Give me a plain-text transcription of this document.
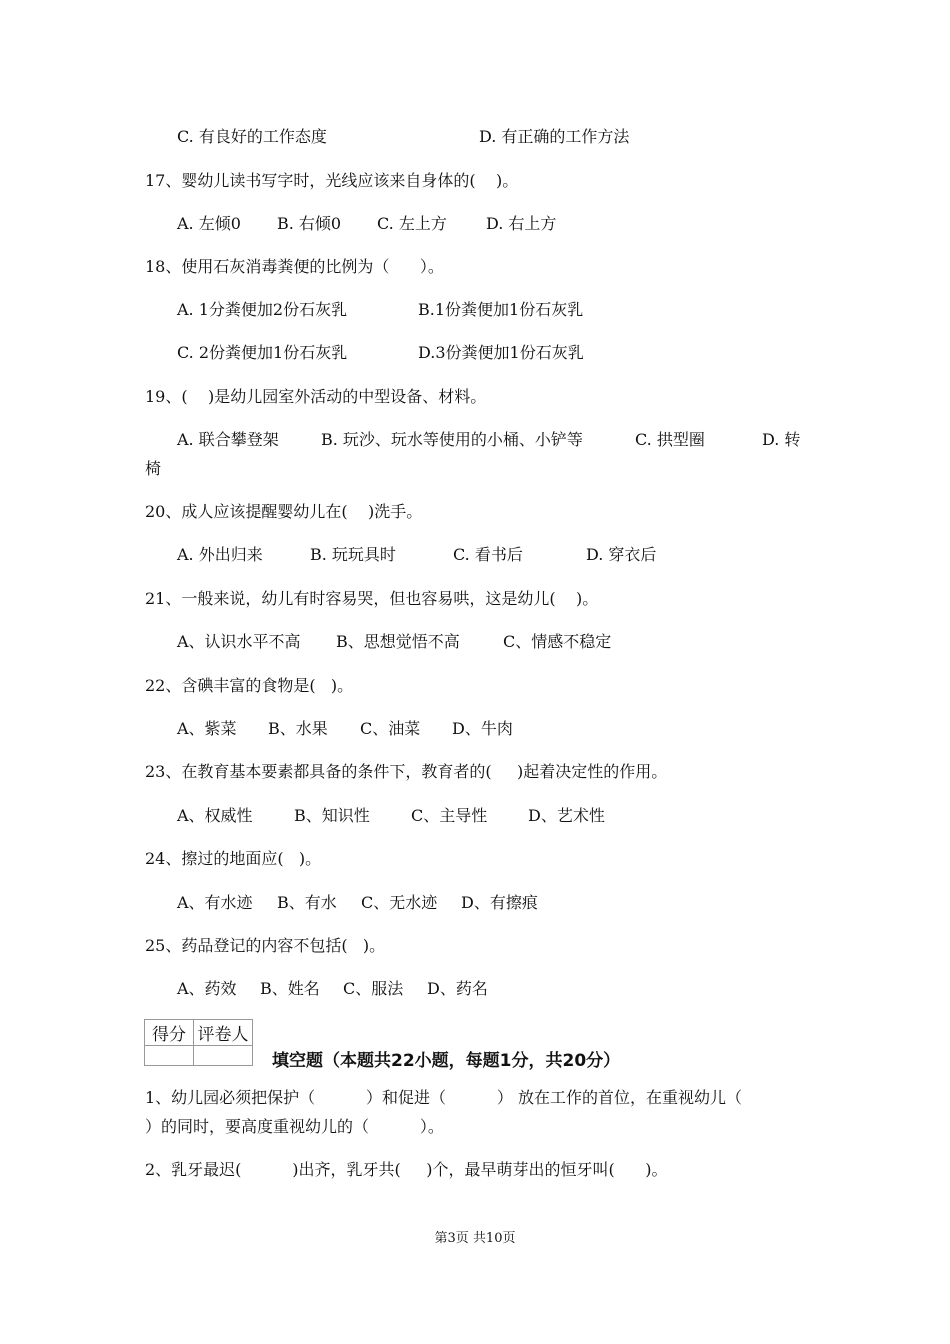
C. 有良好的工作态度	D. 有正确的工作方法
17、婴幼儿读书写字时，光线应该来自身体的(    )。
A. 左倾0 B. 右倾0 C. 左上方 D. 右上方
18、使用石灰消毒粪便的比例为（      ）。
A. 1分粪便加2份石灰乳	B.1份粪便加1份石灰乳
C. 2份粪便加1份石灰乳	D.3份粪便加1份石灰乳
19、(    )是幼儿园室外活动的中型设备、材料。
A. 联合攀登架	B. 玩沙、玩水等使用的小桶、小铲等	C. 拱型圈	D. 转
椅
20、成人应该提醒婴幼儿在(    )洗手。
A. 外出归来	B. 玩玩具时	C. 看书后	D. 穿衣后
21、一般来说，幼儿有时容易哭，但也容易哄，这是幼儿(    )。
A、认识水平不高 B、思想觉悟不高	C、情感不稳定
22、含碘丰富的食物是(   )。
A、紫菜 B、水果 C、油菜 D、牛肉
23、在教育基本要素都具备的条件下，教育者的(     )起着决定性的作用。
A、权威性	B、知识性	C、主导性	D、艺术性
24、擦过的地面应(   )。
A、有水迹 B、有水 C、无水迹 D、有擦痕
25、药品登记的内容不包括(   )。
A、药效 B、姓名 C、服法 D、药名
得分	评卷人

填空题（本题共22小题，每题1分，共20分）
1、幼儿园必须把保护（          ）和促进（          ） 放在工作的首位，在重视幼儿（
）的同时，要高度重视幼儿的（          ）。
2、乳牙最迟(          )出齐，乳牙共(     )个，最早萌芽出的恒牙叫(      )。
第3页 共10页
